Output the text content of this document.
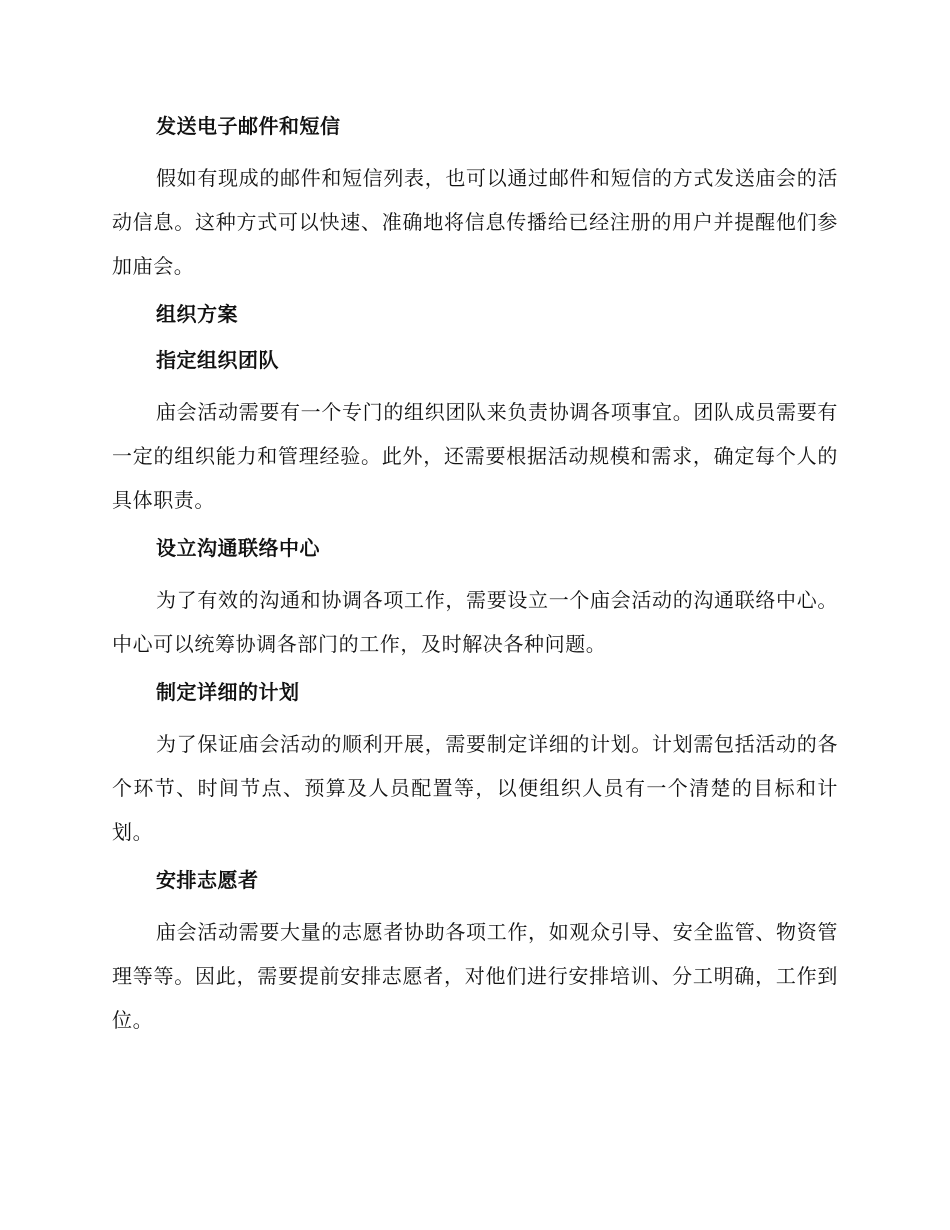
发送电子邮件和短信

假如有现成的邮件和短信列表，也可以通过邮件和短信的方式发送庙会的活动信息。这种方式可以快速、准确地将信息传播给已经注册的用户并提醒他们参加庙会。

组织方案

指定组织团队

庙会活动需要有一个专门的组织团队来负责协调各项事宜。团队成员需要有一定的组织能力和管理经验。此外，还需要根据活动规模和需求，确定每个人的具体职责。

设立沟通联络中心

为了有效的沟通和协调各项工作，需要设立一个庙会活动的沟通联络中心。中心可以统筹协调各部门的工作，及时解决各种问题。

制定详细的计划

为了保证庙会活动的顺利开展，需要制定详细的计划。计划需包括活动的各个环节、时间节点、预算及人员配置等，以便组织人员有一个清楚的目标和计划。

安排志愿者

庙会活动需要大量的志愿者协助各项工作，如观众引导、安全监管、物资管理等等。因此，需要提前安排志愿者，对他们进行安排培训、分工明确，工作到位。
